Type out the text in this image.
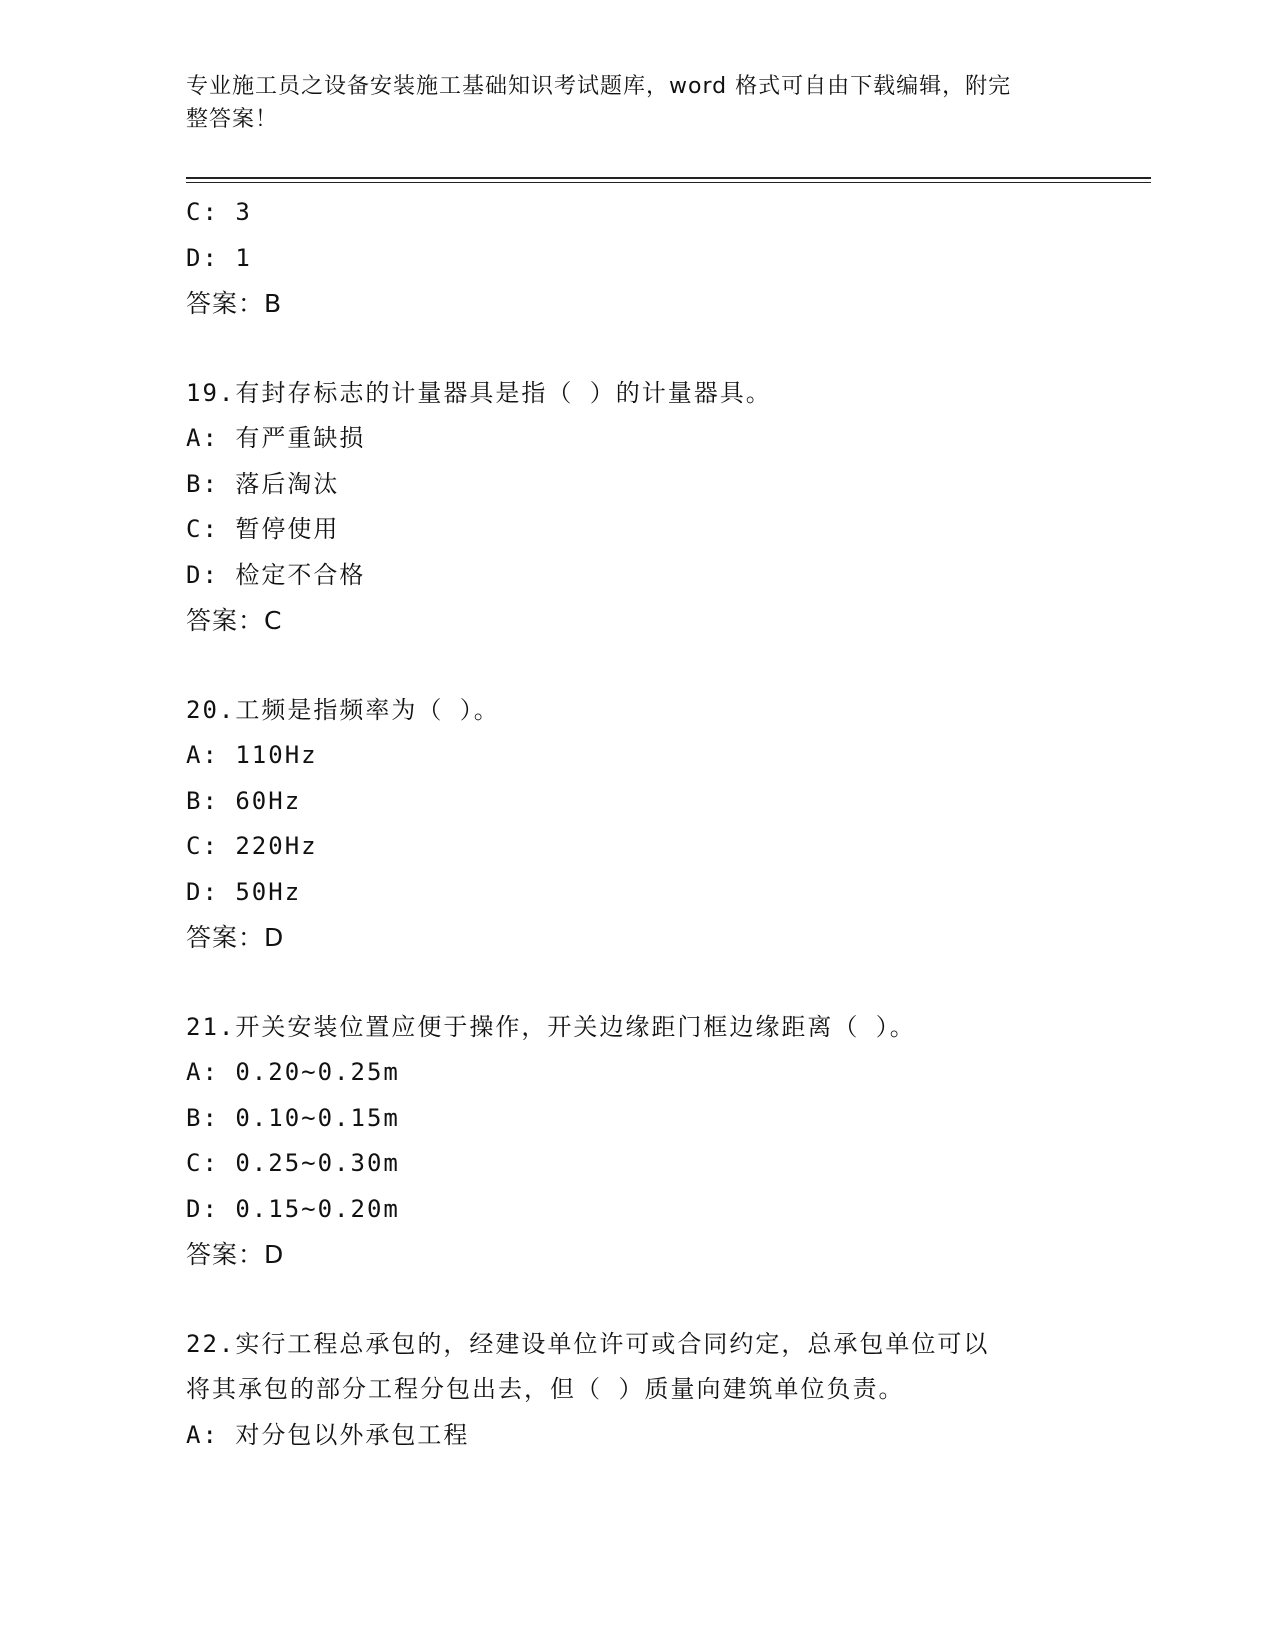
专业施工员之设备安装施工基础知识考试题库，word 格式可自由下载编辑，附完
整答案！
C: 3
D: 1
答案：B
19.有封存标志的计量器具是指（ ）的计量器具。
A: 有严重缺损
B: 落后淘汰
C: 暂停使用
D: 检定不合格
答案：C
20.工频是指频率为（ ）。
A: 110Hz
B: 60Hz
C: 220Hz
D: 50Hz
答案：D
21.开关安装位置应便于操作，开关边缘距门框边缘距离（ ）。
A: 0.20~0.25m
B: 0.10~0.15m
C: 0.25~0.30m
D: 0.15~0.20m
答案：D
22.实行工程总承包的，经建设单位许可或合同约定，总承包单位可以
将其承包的部分工程分包出去，但（ ）质量向建筑单位负责。
A: 对分包以外承包工程
